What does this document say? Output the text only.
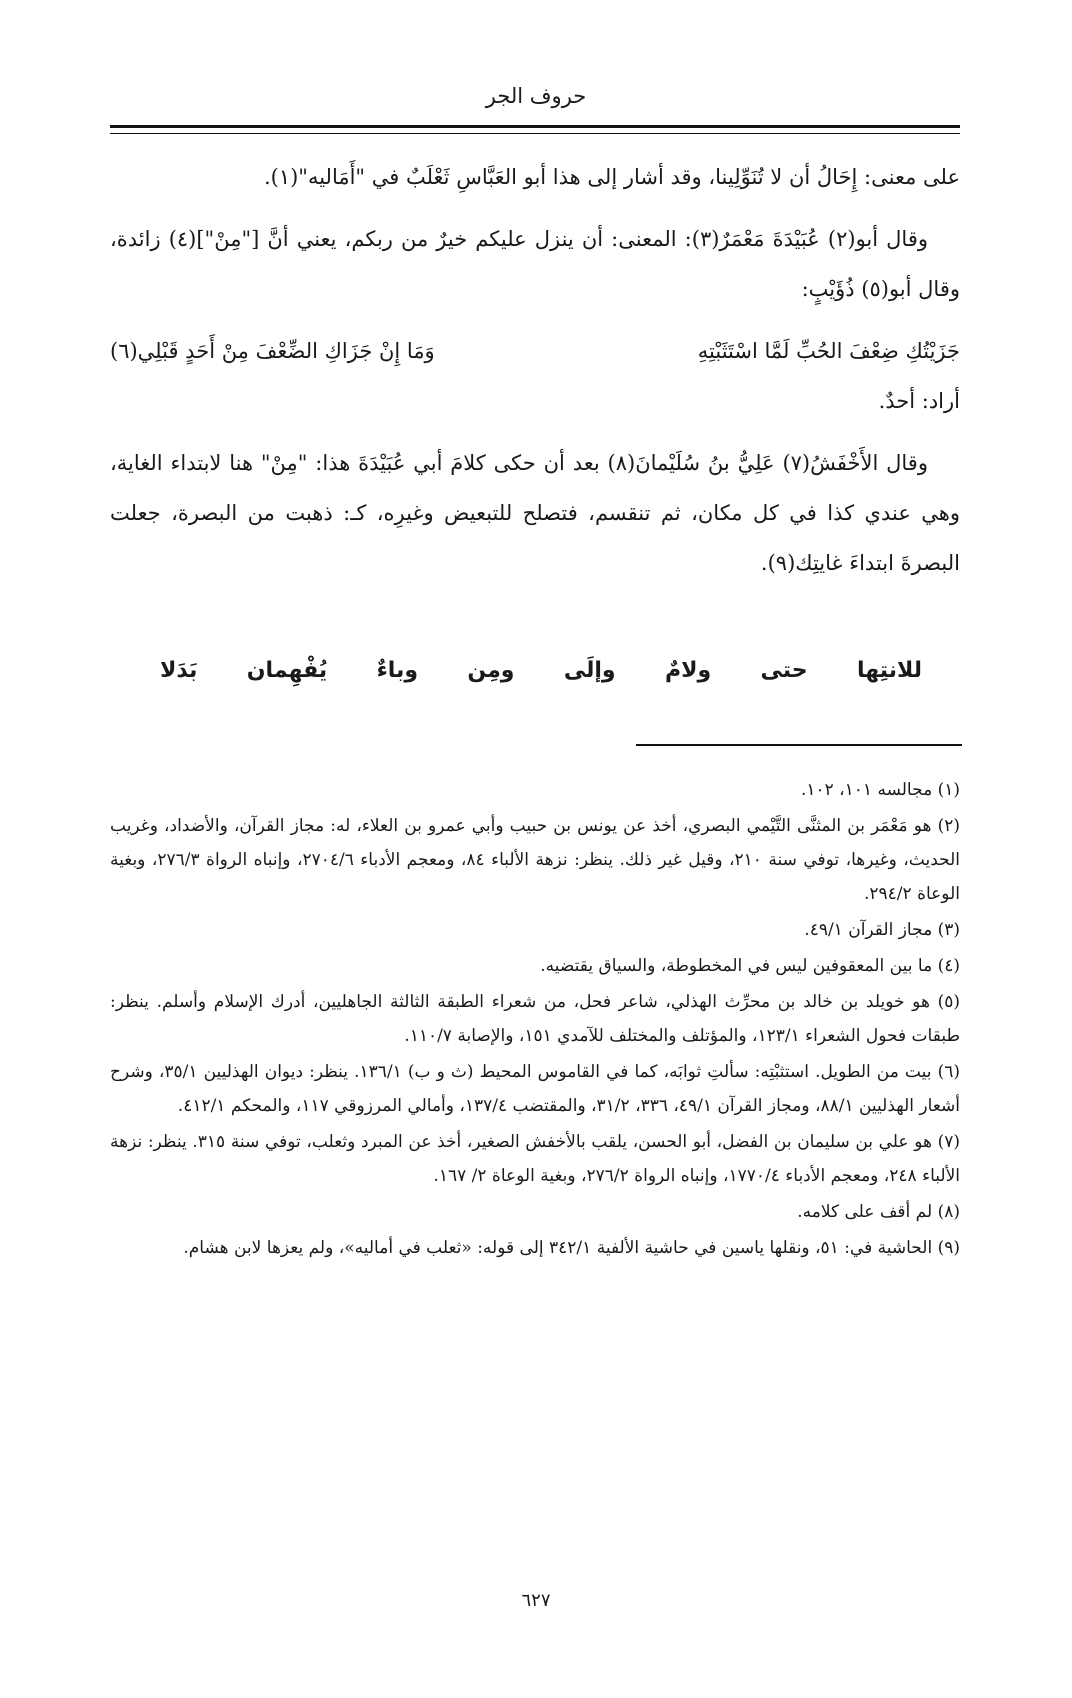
حروف الجر

على معنى: إِحَالُ أن لا تُنَوِّلِينا، وقد أشار إلى هذا أبو العَبَّاسِ ثَعْلَبٌ في "أَمَاليه"(١).

وقال أبو(٢) عُبَيْدَةَ مَعْمَرٌ(٣): المعنى: أن ينزل عليكم خيرٌ من ربكم، يعني أنَّ ["مِنْ"](٤) زائدة، وقال أبو(٥) ذُؤَيْبٍ:

جَزَيْتُكِ ضِعْفَ الحُبِّ لَمَّا اسْتَثَبْتِهِ
وَمَا إِنْ جَزَاكِ الضِّعْفَ مِنْ أَحَدٍ قَبْلِي(٦)

أراد: أحدٌ.

وقال الأَخْفَشُ(٧) عَلِيُّ بنُ سُلَيْمانَ(٨) بعد أن حكى كلامَ أبي عُبَيْدَةَ هذا: "مِنْ" هنا لابتداء الغاية، وهي عندي كذا في كل مكان، ثم تنقسم، فتصلح للتبعيض وغيرِه، كـ: ذهبت من البصرة، جعلت البصرةَ ابتداءَ غايتِك(٩).

للانتِها
حتى
ولامٌ
وإلَى
ومِن
وباءٌ
يُفْهِمان
بَدَلا

(١) مجالسه ١٠١، ١٠٢.

(٢) هو مَعْمَر بن المثنَّى التَّيْمي البصري، أخذ عن يونس بن حبيب وأبي عمرو بن العلاء، له: مجاز القرآن، والأضداد، وغريب الحديث، وغيرها، توفي سنة ٢١٠، وقيل غير ذلك. ينظر: نزهة الألباء ٨٤، ومعجم الأدباء ٢٧٠٤/٦، وإنباه الرواة ٢٧٦/٣، وبغية الوعاة ٢٩٤/٢.

(٣) مجاز القرآن ٤٩/١.

(٤) ما بين المعقوفين ليس في المخطوطة، والسياق يقتضيه.

(٥) هو خويلد بن خالد بن محرِّث الهذلي، شاعر فحل، من شعراء الطبقة الثالثة الجاهليين، أدرك الإسلام وأسلم. ينظر: طبقات فحول الشعراء ١٢٣/١، والمؤتلف والمختلف للآمدي ١٥١، والإصابة ١١٠/٧.

(٦) بيت من الطويل. استثبْتِه: سألتِ ثوابَه، كما في القاموس المحيط (ث و ب) ١٣٦/١. ينظر: ديوان الهذليين ٣٥/١، وشرح أشعار الهذليين ٨٨/١، ومجاز القرآن ٤٩/١، ٣٣٦، ٣١/٢، والمقتضب ١٣٧/٤، وأمالي المرزوقي ١١٧، والمحكم ٤١٢/١.

(٧) هو علي بن سليمان بن الفضل، أبو الحسن، يلقب بالأخفش الصغير، أخذ عن المبرد وثعلب، توفي سنة ٣١٥. ينظر: نزهة الألباء ٢٤٨، ومعجم الأدباء ١٧٧٠/٤، وإنباه الرواة ٢٧٦/٢، وبغية الوعاة ٢/ ١٦٧.

(٨) لم أقف على كلامه.

(٩) الحاشية في: ٥١، ونقلها ياسين في حاشية الألفية ٣٤٢/١ إلى قوله: «ثعلب في أماليه»، ولم يعزها لابن هشام.

٦٢٧
